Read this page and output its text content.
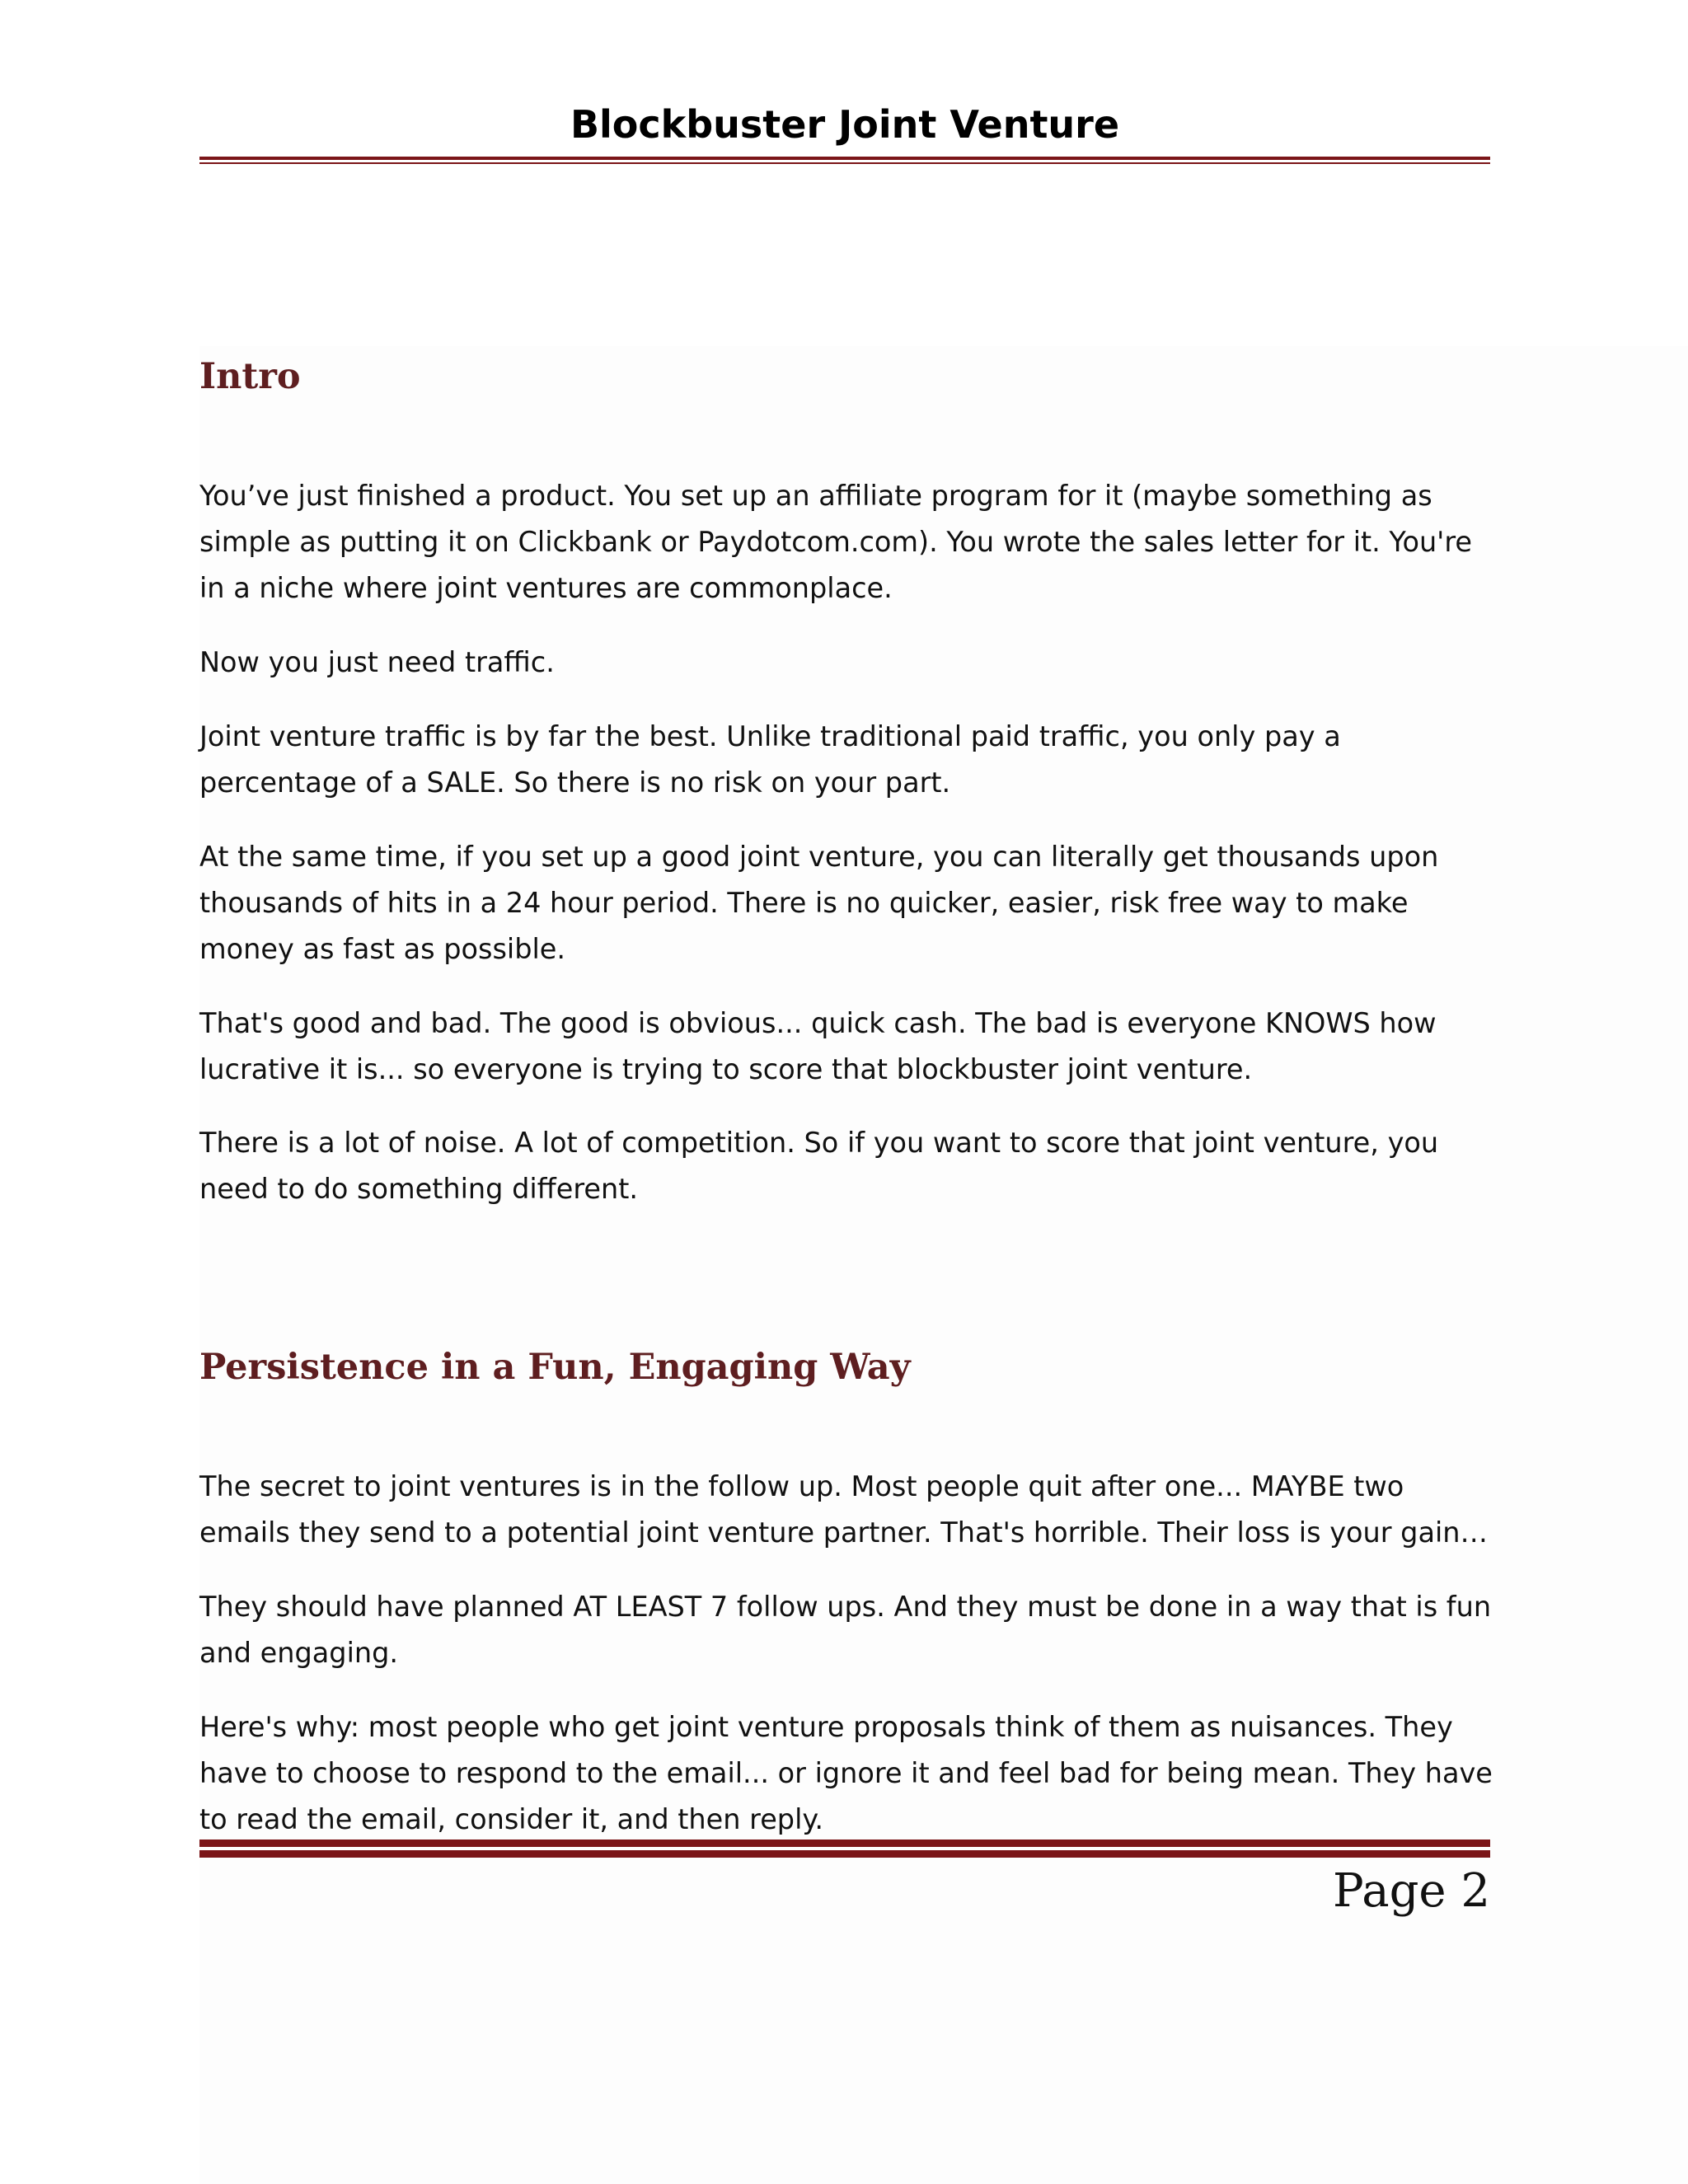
Blockbuster Joint Venture
Intro

You’ve just finished a product. You set up an affiliate program for it (maybe something as simple as putting it on Clickbank or Paydotcom.com). You wrote the sales letter for it. You're in a niche where joint ventures are commonplace.

Now you just need traffic.

Joint venture traffic is by far the best. Unlike traditional paid traffic, you only pay a percentage of a SALE. So there is no risk on your part.

At the same time, if you set up a good joint venture, you can literally get thousands upon thousands of hits in a 24 hour period. There is no quicker, easier, risk free way to make money as fast as possible.

That's good and bad. The good is obvious... quick cash. The bad is everyone KNOWS how lucrative it is... so everyone is trying to score that blockbuster joint venture.

There is a lot of noise. A lot of competition. So if you want to score that joint venture, you need to do something different.

Persistence in a Fun, Engaging Way

The secret to joint ventures is in the follow up. Most people quit after one... MAYBE two emails they send to a potential joint venture partner. That's horrible. Their loss is your gain…

They should have planned AT LEAST 7 follow ups. And they must be done in a way that is fun and engaging.

Here's why: most people who get joint venture proposals think of them as nuisances. They have to choose to respond to the email... or ignore it and feel bad for being mean. They have to read the email, consider it, and then reply.

Page 2
